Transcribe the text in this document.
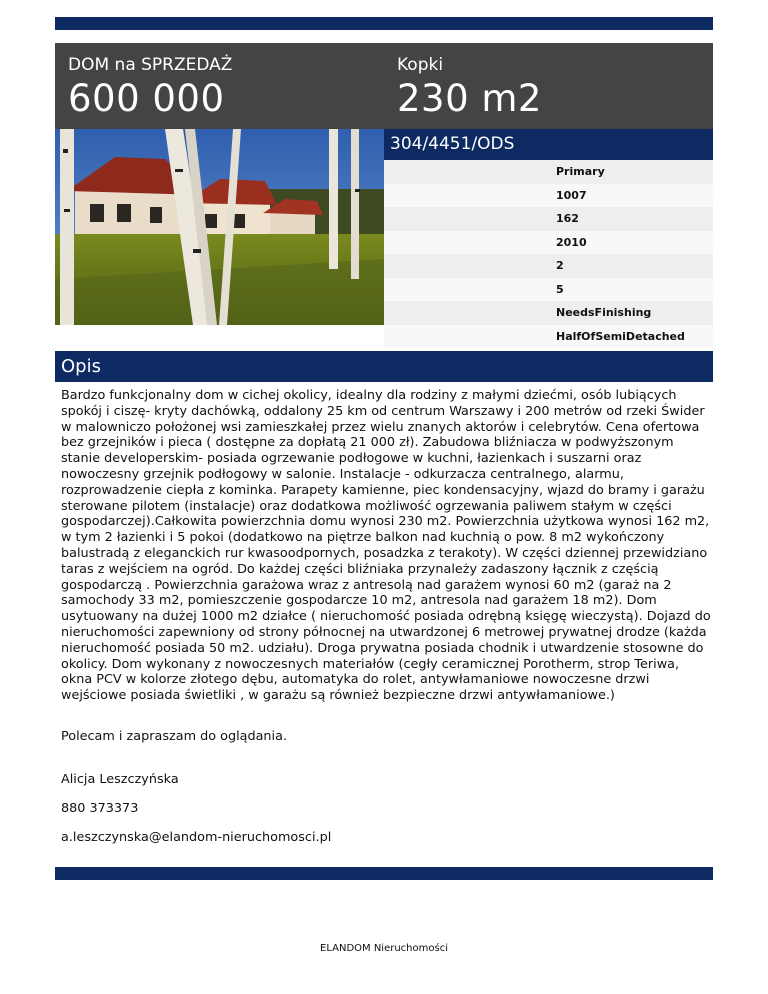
DOM na SPRZEDAŻ
600 000
Kopki
230 m2
304/4451/ODS
Primary
1007
162
2010
2
5
NeedsFinishing
HalfOfSemiDetached
Opis
Bardzo funkcjonalny dom w cichej okolicy, idealny dla rodziny z małymi dziećmi, osób lubiących spokój i ciszę- kryty dachówką, oddalony 25 km od centrum Warszawy i 200 metrów od rzeki Świder w malowniczo położonej wsi zamieszkałej przez wielu znanych aktorów i celebrytów. Cena ofertowa bez grzejników i pieca ( dostępne za dopłatą 21 000 zł). Zabudowa bliźniacza w podwyższonym stanie developerskim- posiada ogrzewanie podłogowe w kuchni, łazienkach i suszarni oraz nowoczesny grzejnik podłogowy w salonie. Instalacje - odkurzacza centralnego, alarmu, rozprowadzenie ciepła z kominka. Parapety kamienne, piec kondensacyjny, wjazd do bramy i garażu sterowane pilotem (instalacje) oraz dodatkowa możliwość ogrzewania paliwem stałym w części gospodarczej).Całkowita powierzchnia domu wynosi 230 m2. Powierzchnia użytkowa wynosi 162 m2, w tym 2 łazienki i 5 pokoi (dodatkowo na piętrze balkon nad kuchnią o pow. 8 m2 wykończony balustradą z eleganckich rur kwasoodpornych, posadzka z terakoty). W części dziennej przewidziano taras z wejściem na ogród. Do każdej części bliźniaka przynależy zadaszony łącznik z częścią gospodarczą . Powierzchnia garażowa wraz z antresolą nad garażem wynosi 60 m2 (garaż na 2 samochody 33 m2, pomieszczenie gospodarcze 10 m2, antresola nad garażem 18 m2). Dom usytuowany na dużej 1000 m2 działce ( nieruchomość posiada odrębną księgę wieczystą). Dojazd do nieruchomości zapewniony od strony północnej na utwardzonej 6 metrowej prywatnej drodze (każda nieruchomość posiada 50 m2. udziału). Droga prywatna posiada chodnik i utwardzenie stosowne do okolicy. Dom wykonany z nowoczesnych materiałów (cegły ceramicznej Porotherm, strop Teriwa, okna PCV w kolorze złotego dębu, automatyka do rolet, antywłamaniowe nowoczesne drzwi wejściowe posiada świetliki , w garażu są również bezpieczne drzwi antywłamaniowe.)
Polecam i zapraszam do oglądania.
Alicja Leszczyńska
880 373373
a.leszczynska@elandom-nieruchomosci.pl
ELANDOM Nieruchomości
